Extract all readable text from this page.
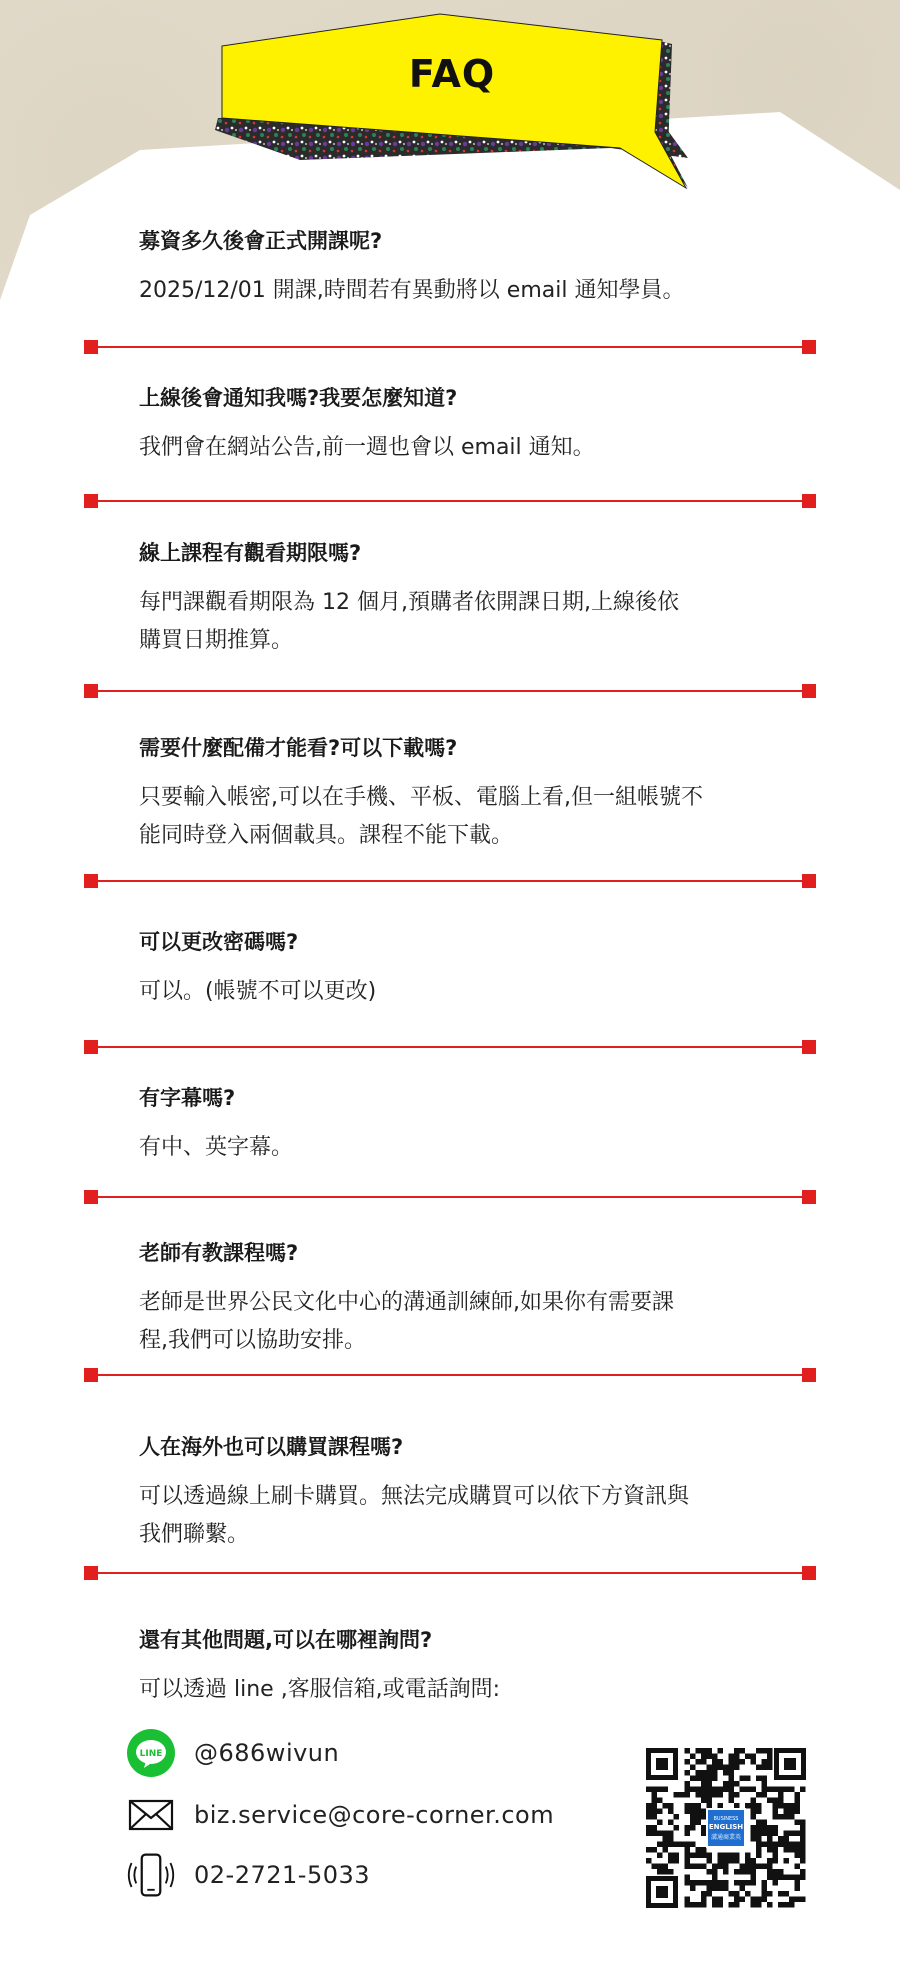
FAQ

募資多久後會正式開課呢?

2025/12/01 開課,時間若有異動將以 email 通知學員。

上線後會通知我嗎?我要怎麼知道?

我們會在網站公告,前一週也會以 email 通知。

線上課程有觀看期限嗎?

每門課觀看期限為 12 個月,預購者依開課日期,上線後依

購買日期推算。

需要什麼配備才能看?可以下載嗎?

只要輸入帳密,可以在手機、平板、電腦上看,但一組帳號不

能同時登入兩個載具。課程不能下載。

可以更改密碼嗎?

可以。(帳號不可以更改)

有字幕嗎?

有中、英字幕。

老師有教課程嗎?

老師是世界公民文化中心的溝通訓練師,如果你有需要課

程,我們可以協助安排。

人在海外也可以購買課程嗎?

可以透過線上刷卡購買。無法完成購買可以依下方資訊與

我們聯繫。

還有其他問題,可以在哪裡詢問?

可以透過 line ,客服信箱,或電話詢問:

LINE @686wivun
biz.service@core-corner.com
02-2721-5033
BUSINESS
ENGLISH
溝通商業英
